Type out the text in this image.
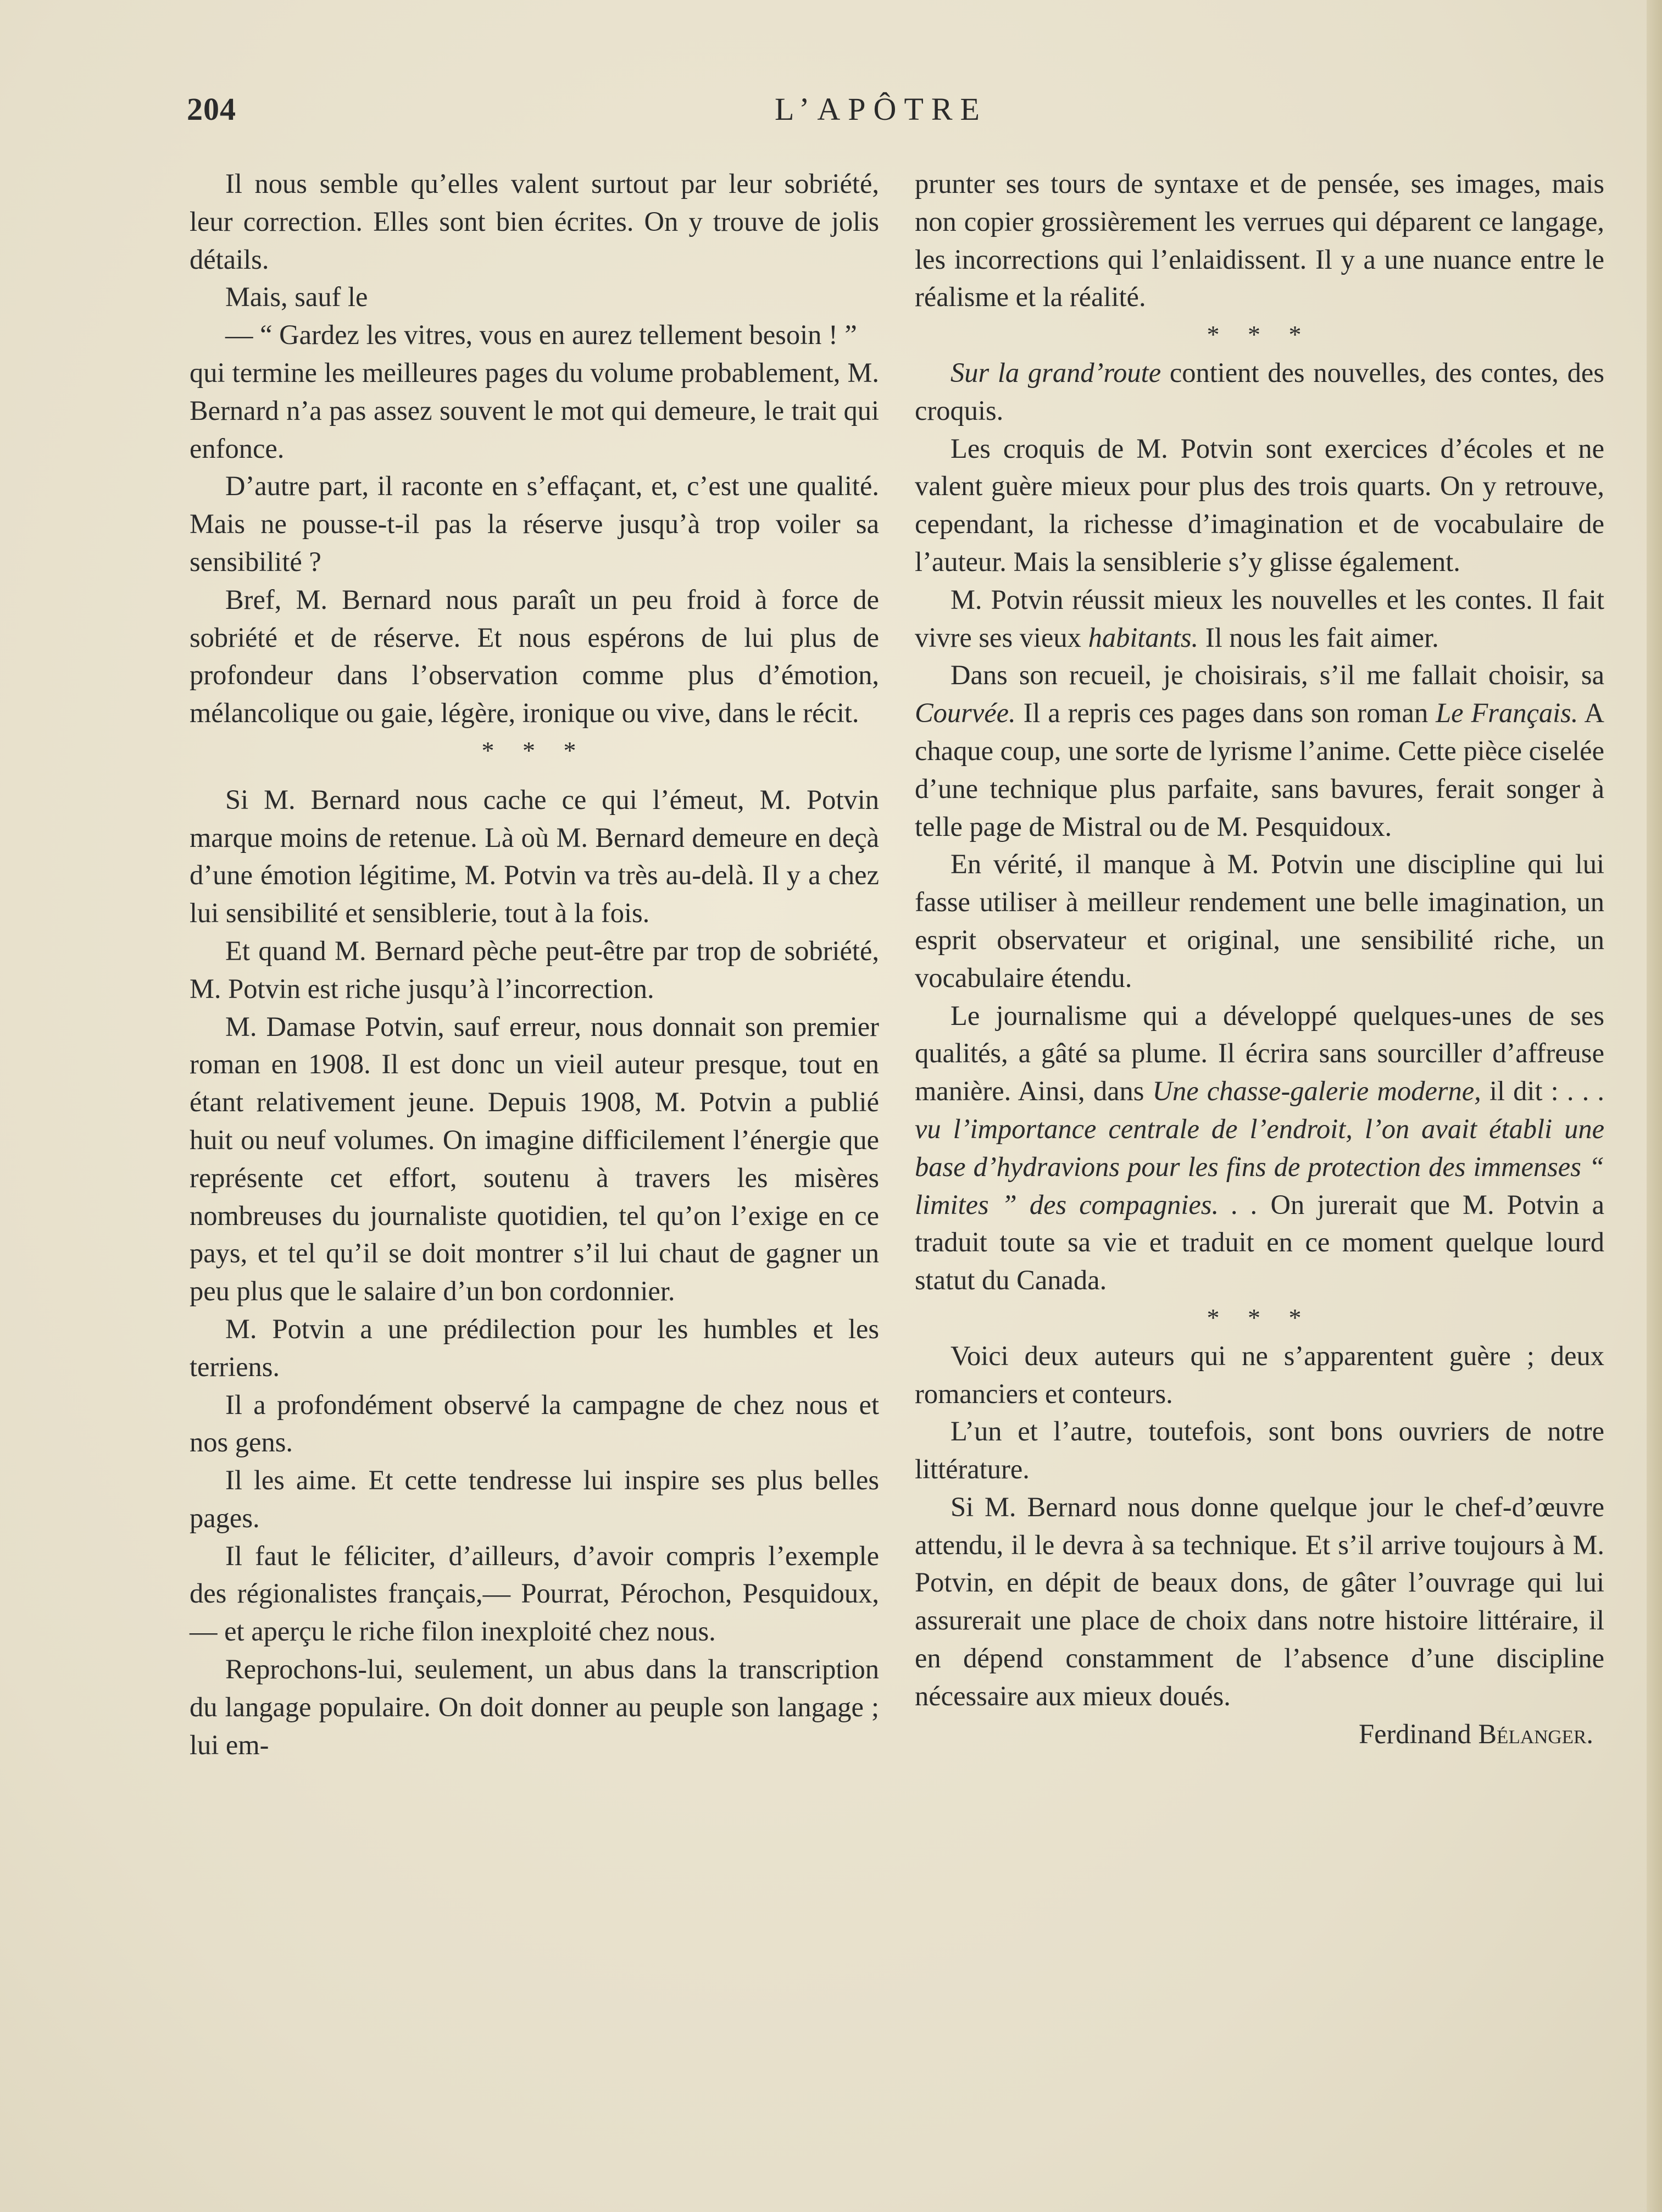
204	L’APÔTRE

Il nous semble qu’elles valent surtout par leur sobriété, leur correction. Elles sont bien écrites. On y trouve de jolis détails.

Mais, sauf le

— “ Gardez les vitres, vous en aurez tellement besoin ! ”

qui termine les meilleures pages du volume probablement, M. Bernard n’a pas assez souvent le mot qui demeure, le trait qui enfonce.

D’autre part, il raconte en s’effaçant, et, c’est une qualité. Mais ne pousse-t-il pas la réserve jusqu’à trop voiler sa sensibilité ?

Bref, M. Bernard nous paraît un peu froid à force de sobriété et de réserve. Et nous espérons de lui plus de profondeur dans l’observation comme plus d’émotion, mélancolique ou gaie, légère, ironique ou vive, dans le récit.

* * *

Si M. Bernard nous cache ce qui l’émeut, M. Potvin marque moins de retenue. Là où M. Bernard demeure en deçà d’une émotion légitime, M. Potvin va très au-delà. Il y a chez lui sensibilité et sensiblerie, tout à la fois.

Et quand M. Bernard pèche peut-être par trop de sobriété, M. Potvin est riche jusqu’à l’incorrection.

M. Damase Potvin, sauf erreur, nous donnait son premier roman en 1908. Il est donc un vieil auteur presque, tout en étant relativement jeune. Depuis 1908, M. Potvin a publié huit ou neuf volumes. On imagine difficilement l’énergie que représente cet effort, soutenu à travers les misères nombreuses du journaliste quotidien, tel qu’on l’exige en ce pays, et tel qu’il se doit montrer s’il lui chaut de gagner un peu plus que le salaire d’un bon cordonnier.

M. Potvin a une prédilection pour les humbles et les terriens.

Il a profondément observé la campagne de chez nous et nos gens.

Il les aime. Et cette tendresse lui inspire ses plus belles pages.

Il faut le féliciter, d’ailleurs, d’avoir compris l’exemple des régionalistes français,— Pourrat, Pérochon, Pesquidoux,— et aperçu le riche filon inexploité chez nous.

Reprochons-lui, seulement, un abus dans la transcription du langage populaire. On doit donner au peuple son langage ; lui em-

prunter ses tours de syntaxe et de pensée, ses images, mais non copier grossièrement les verrues qui déparent ce langage, les incorrections qui l’enlaidissent. Il y a une nuance entre le réalisme et la réalité.

* * *

Sur la grand’route contient des nouvelles, des contes, des croquis.

Les croquis de M. Potvin sont exercices d’écoles et ne valent guère mieux pour plus des trois quarts. On y retrouve, cependant, la richesse d’imagination et de vocabulaire de l’auteur. Mais la sensiblerie s’y glisse également.

M. Potvin réussit mieux les nouvelles et les contes. Il fait vivre ses vieux habitants. Il nous les fait aimer.

Dans son recueil, je choisirais, s’il me fallait choisir, sa Courvée. Il a repris ces pages dans son roman Le Français. A chaque coup, une sorte de lyrisme l’anime. Cette pièce ciselée d’une technique plus parfaite, sans bavures, ferait songer à telle page de Mistral ou de M. Pesquidoux.

En vérité, il manque à M. Potvin une discipline qui lui fasse utiliser à meilleur rendement une belle imagination, un esprit observateur et original, une sensibilité riche, un vocabulaire étendu.

Le journalisme qui a développé quelques-unes de ses qualités, a gâté sa plume. Il écrira sans sourciller d’affreuse manière. Ainsi, dans Une chasse-galerie moderne, il dit : . . . vu l’importance centrale de l’endroit, l’on avait établi une base d’hydravions pour les fins de protection des immenses “ limites ” des compagnies. . . On jurerait que M. Potvin a traduit toute sa vie et traduit en ce moment quelque lourd statut du Canada.

* * *

Voici deux auteurs qui ne s’apparentent guère ; deux romanciers et conteurs.

L’un et l’autre, toutefois, sont bons ouvriers de notre littérature.

Si M. Bernard nous donne quelque jour le chef-d’œuvre attendu, il le devra à sa technique. Et s’il arrive toujours à M. Potvin, en dépit de beaux dons, de gâter l’ouvrage qui lui assurerait une place de choix dans notre histoire littéraire, il en dépend constamment de l’absence d’une discipline nécessaire aux mieux doués.

Ferdinand Bélanger.
